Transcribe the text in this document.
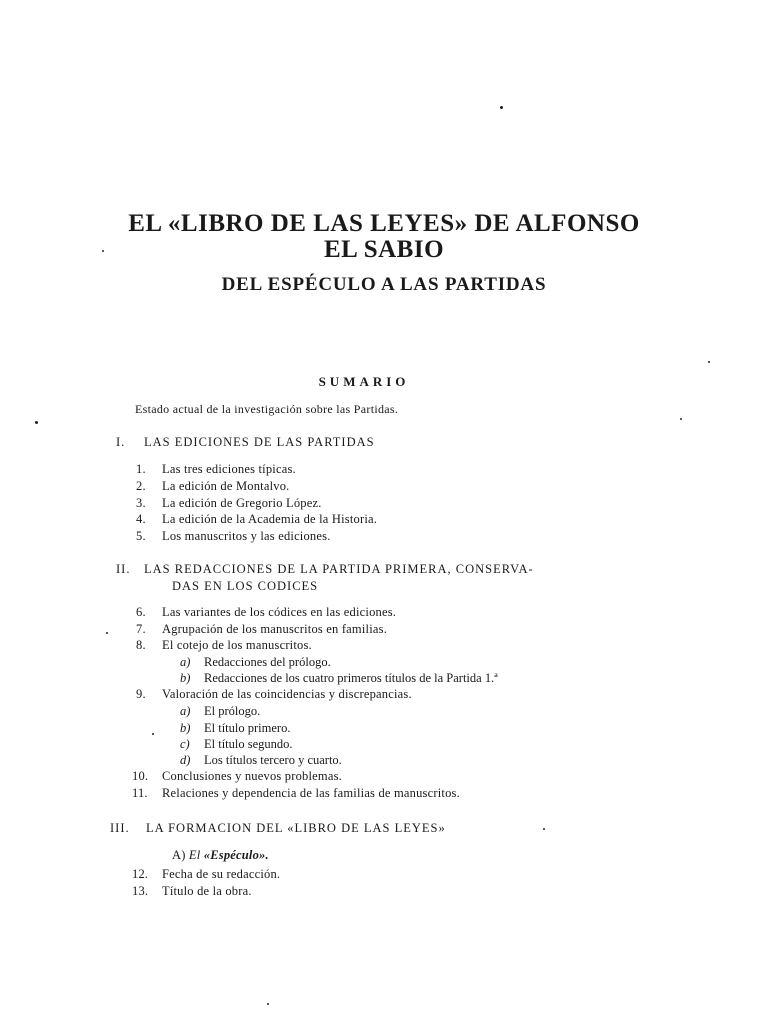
EL «LIBRO DE LAS LEYES» DE ALFONSO
EL SABIO
DEL ESPÉCULO A LAS PARTIDAS
SUMARIO
Estado actual de la investigación sobre las Partidas.
I. LAS EDICIONES DE LAS PARTIDAS
1. Las tres ediciones típicas.
2. La edición de Montalvo.
3. La edición de Gregorio López.
4. La edición de la Academia de la Historia.
5. Los manuscritos y las ediciones.
II. LAS REDACCIONES DE LA PARTIDA PRIMERA, CONSERVA-
DAS EN LOS CODICES
6. Las variantes de los códices en las ediciones.
7. Agrupación de los manuscritos en familias.
8. El cotejo de los manuscritos.
a) Redacciones del prólogo.
b) Redacciones de los cuatro primeros títulos de la Partida 1.ª
9. Valoración de las coincidencias y discrepancias.
a) El prólogo.
b) El título primero.
c) El título segundo.
d) Los títulos tercero y cuarto.
10. Conclusiones y nuevos problemas.
11. Relaciones y dependencia de las familias de manuscritos.
III. LA FORMACION DEL «LIBRO DE LAS LEYES»
A) El «Espéculo».
12. Fecha de su redacción.
13. Título de la obra.
